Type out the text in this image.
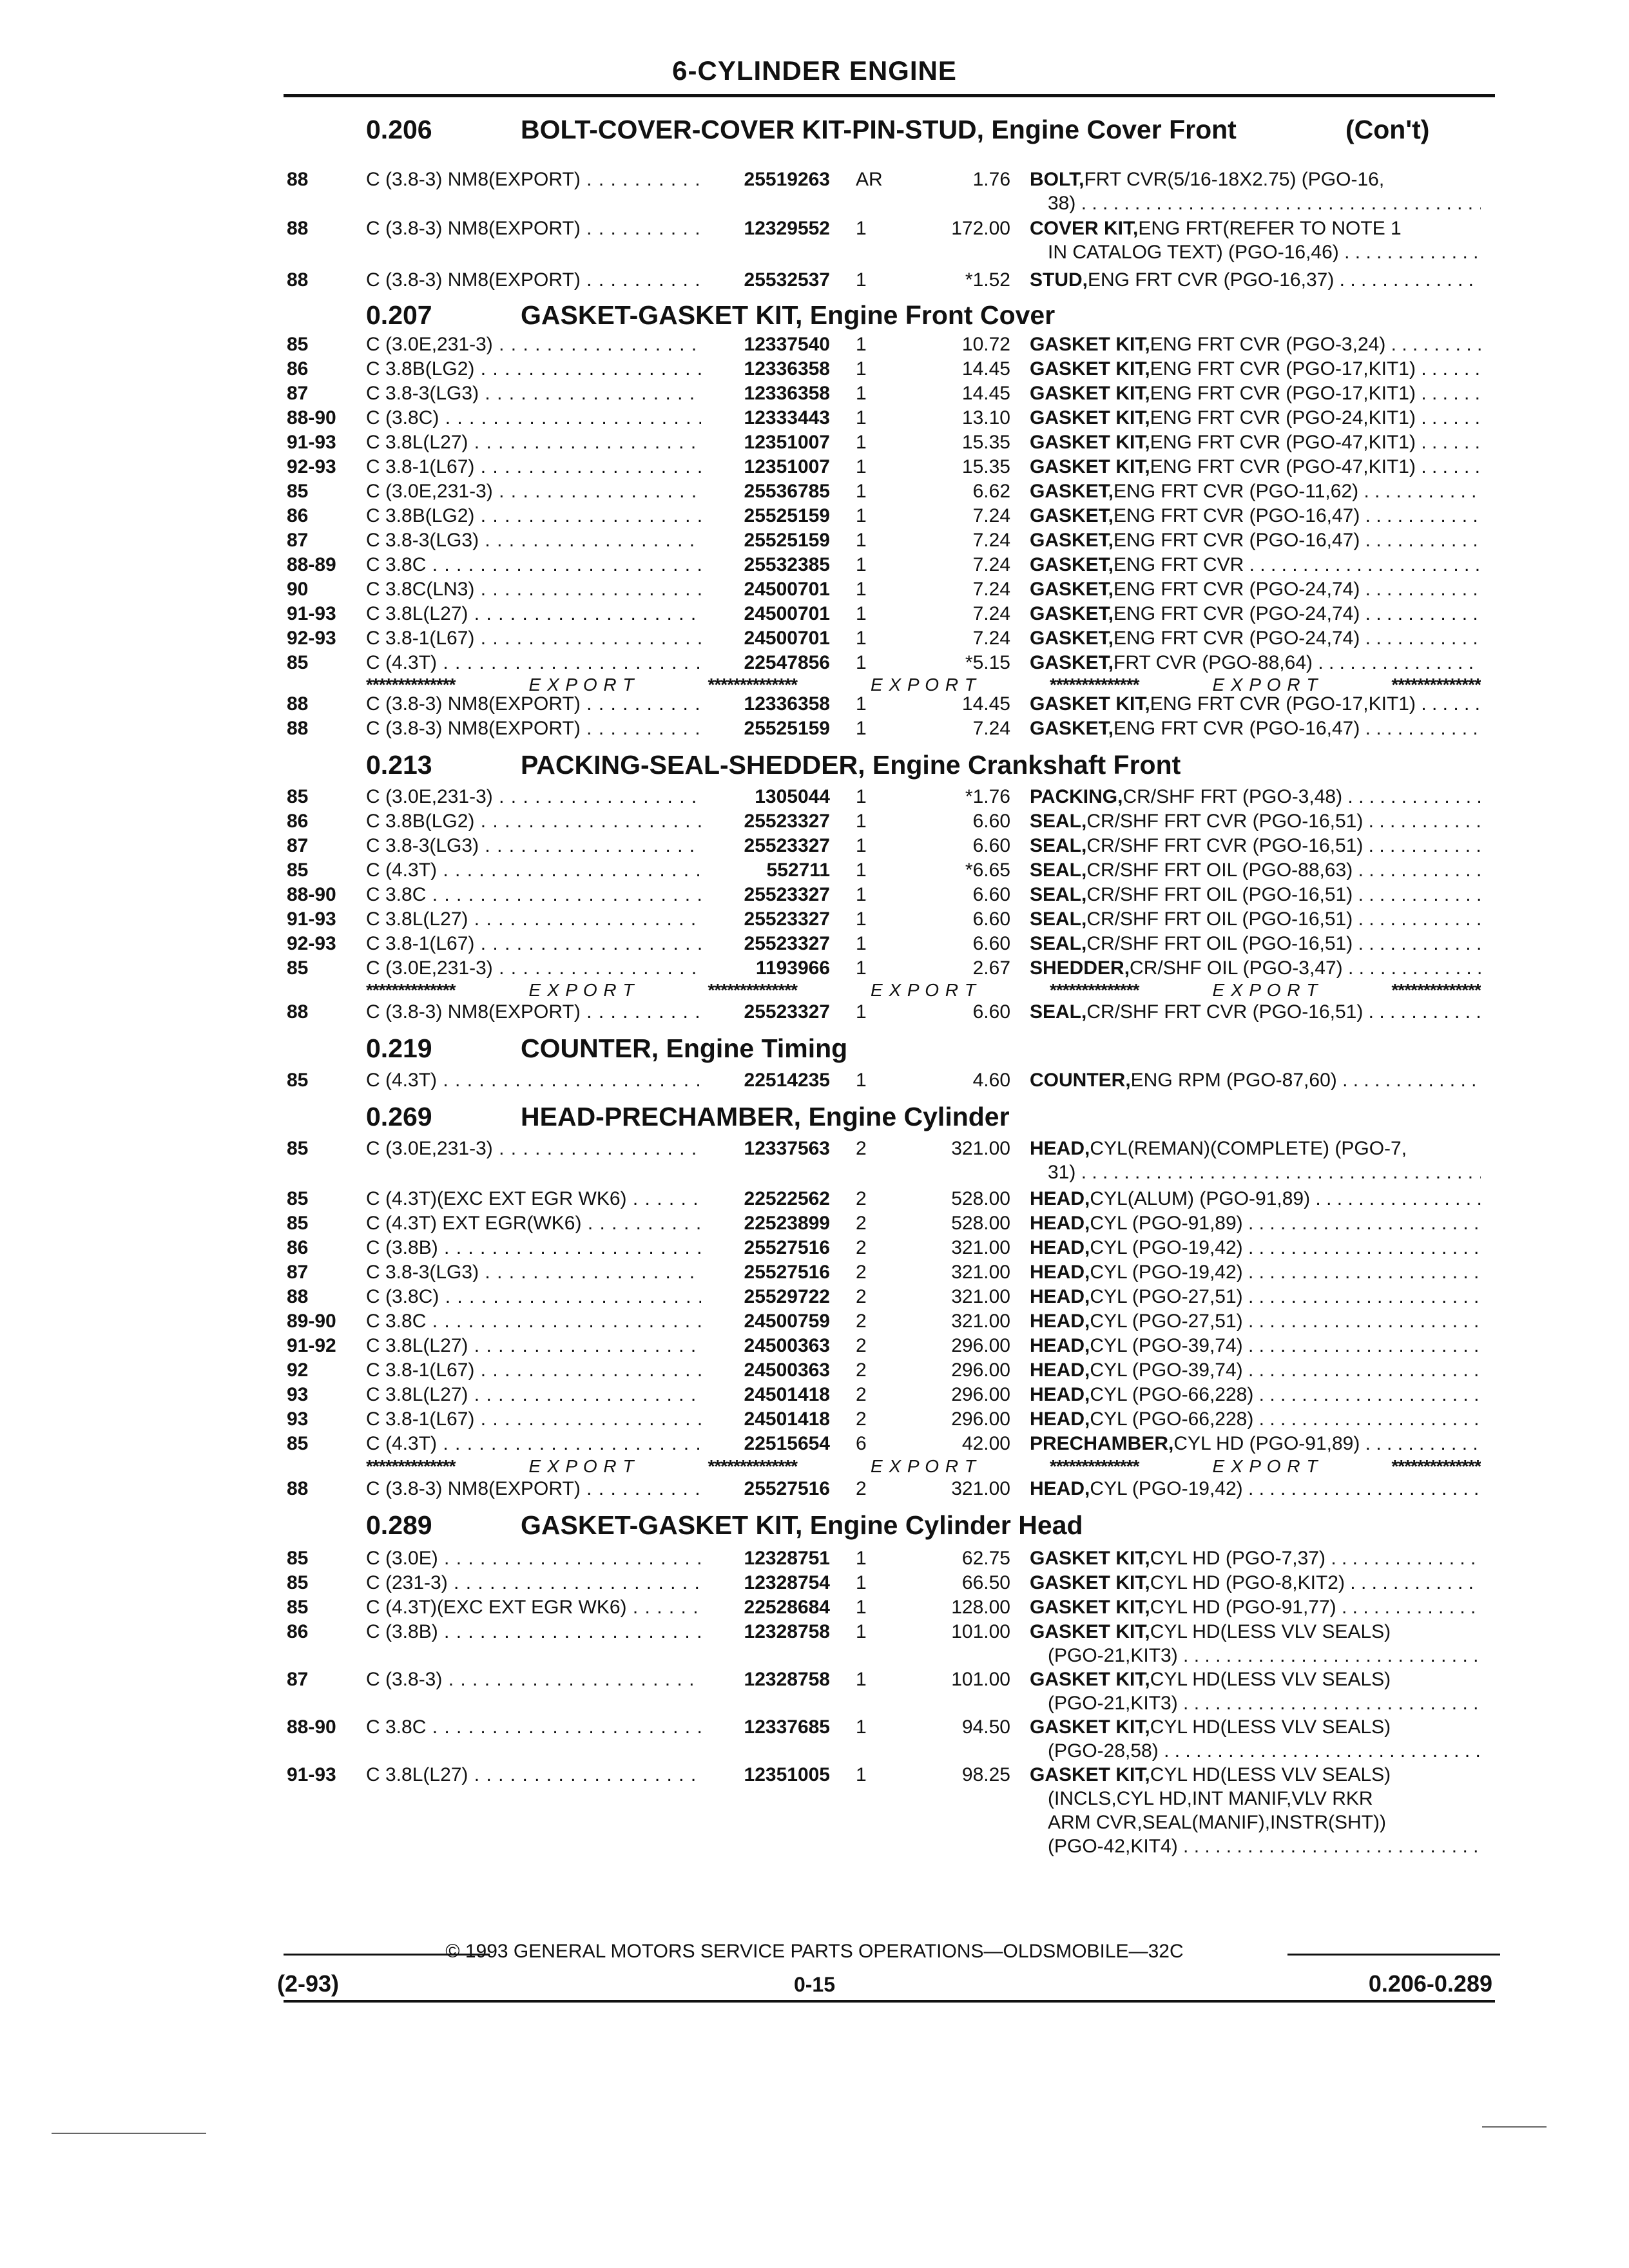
6-CYLINDER ENGINE
0.206	BOLT-COVER-COVER KIT-PIN-STUD, Engine Cover Front	(Con't)
88	C (3.8-3) NM8(EXPORT) . . .	25519263 AR	1.76 BOLT, FRT CVR(5/16-18X2.75) (PGO-16,
38) . . .
88	C (3.8-3) NM8(EXPORT) . . .	12329552 1	172.00 COVER KIT, ENG FRT(REFER TO NOTE 1
IN CATALOG TEXT) (PGO-16,46) . . .
88	C (3.8-3) NM8(EXPORT) . . .	25532537 1	*1.52 STUD, ENG FRT CVR (PGO-16,37) . . .
0.207	GASKET-GASKET KIT, Engine Front Cover
85	C (3.0E,231-3) . . .	12337540 1	10.72 GASKET KIT, ENG FRT CVR (PGO-3,24) . . .
86	C 3.8B(LG2) . . .	12336358 1	14.45 GASKET KIT, ENG FRT CVR (PGO-17,KIT1) . . .
87	C 3.8-3(LG3) . . .	12336358 1	14.45 GASKET KIT, ENG FRT CVR (PGO-17,KIT1) . . .
88-90 C (3.8C) . . .	12333443 1	13.10 GASKET KIT, ENG FRT CVR (PGO-24,KIT1) . . .
91-93 C 3.8L(L27) . . .	12351007 1	15.35 GASKET KIT, ENG FRT CVR (PGO-47,KIT1) . . .
92-93 C 3.8-1(L67) . . .	12351007 1	15.35 GASKET KIT, ENG FRT CVR (PGO-47,KIT1) . . .
85	C (3.0E,231-3) . . .	25536785 1	6.62 GASKET, ENG FRT CVR (PGO-11,62) . . .
86	C 3.8B(LG2) . . .	25525159 1	7.24 GASKET, ENG FRT CVR (PGO-16,47) . . .
87	C 3.8-3(LG3) . . .	25525159 1	7.24 GASKET, ENG FRT CVR (PGO-16,47) . . .
88-89 C 3.8C . . .	25532385 1	7.24 GASKET, ENG FRT CVR . . .
90	C 3.8C(LN3) . . .	24500701 1	7.24 GASKET, ENG FRT CVR (PGO-24,74) . . .
91-93 C 3.8L(L27) . . .	24500701 1	7.24 GASKET, ENG FRT CVR (PGO-24,74) . . .
92-93 C 3.8-1(L67) . . .	24500701 1	7.24 GASKET, ENG FRT CVR (PGO-24,74) . . .
85	C (4.3T) . . .	22547856 1	*5.15 GASKET, FRT CVR (PGO-88,64) . . .
**************	E X P O R T	**************	E X P O R T	**************	E X P O R T	**************
88	C (3.8-3) NM8(EXPORT) . . .	12336358 1	14.45 GASKET KIT, ENG FRT CVR (PGO-17,KIT1) . . .
88	C (3.8-3) NM8(EXPORT) . . .	25525159 1	7.24 GASKET, ENG FRT CVR (PGO-16,47) . . .
0.213	PACKING-SEAL-SHEDDER, Engine Crankshaft Front
85	C (3.0E,231-3) . . .	1305044 1	*1.76 PACKING, CR/SHF FRT (PGO-3,48) . . .
86	C 3.8B(LG2) . . .	25523327 1	6.60 SEAL, CR/SHF FRT CVR (PGO-16,51) . . .
87	C 3.8-3(LG3) . . .	25523327 1	6.60 SEAL, CR/SHF FRT CVR (PGO-16,51) . . .
85	C (4.3T) . . .	552711 1	*6.65 SEAL, CR/SHF FRT OIL (PGO-88,63) . . .
88-90 C 3.8C . . .	25523327 1	6.60 SEAL, CR/SHF FRT OIL (PGO-16,51) . . .
91-93 C 3.8L(L27) . . .	25523327 1	6.60 SEAL, CR/SHF FRT OIL (PGO-16,51) . . .
92-93 C 3.8-1(L67) . . .	25523327 1	6.60 SEAL, CR/SHF FRT OIL (PGO-16,51) . . .
85	C (3.0E,231-3) . . .	1193966 1	2.67 SHEDDER, CR/SHF OIL (PGO-3,47) . . .
**************	E X P O R T	**************	E X P O R T	**************	E X P O R T	**************
88	C (3.8-3) NM8(EXPORT) . . .	25523327 1	6.60 SEAL, CR/SHF FRT CVR (PGO-16,51) . . .
0.219	COUNTER, Engine Timing
85	C (4.3T) . . .	22514235 1	4.60 COUNTER, ENG RPM (PGO-87,60) . . .
0.269	HEAD-PRECHAMBER, Engine Cylinder
85	C (3.0E,231-3) . . .	12337563 2	321.00 HEAD, CYL(REMAN)(COMPLETE) (PGO-7,
31) . . .
85	C (4.3T)(EXC EXT EGR WK6) . . .	22522562 2	528.00 HEAD, CYL(ALUM) (PGO-91,89) . . .
85	C (4.3T) EXT EGR(WK6) . . .	22523899 2	528.00 HEAD, CYL (PGO-91,89) . . .
86	C (3.8B) . . .	25527516 2	321.00 HEAD, CYL (PGO-19,42) . . .
87	C 3.8-3(LG3) . . .	25527516 2	321.00 HEAD, CYL (PGO-19,42) . . .
88	C (3.8C) . . .	25529722 2	321.00 HEAD, CYL (PGO-27,51) . . .
89-90 C 3.8C . . .	24500759 2	321.00 HEAD, CYL (PGO-27,51) . . .
91-92 C 3.8L(L27) . . .	24500363 2	296.00 HEAD, CYL (PGO-39,74) . . .
92	C 3.8-1(L67) . . .	24500363 2	296.00 HEAD, CYL (PGO-39,74) . . .
93	C 3.8L(L27) . . .	24501418 2	296.00 HEAD, CYL (PGO-66,228) . . .
93	C 3.8-1(L67) . . .	24501418 2	296.00 HEAD, CYL (PGO-66,228) . . .
85	C (4.3T) . . .	22515654 6	42.00 PRECHAMBER, CYL HD (PGO-91,89) . . .
**************	E X P O R T	**************	E X P O R T	**************	E X P O R T	**************
88	C (3.8-3) NM8(EXPORT) . . .	25527516 2	321.00 HEAD, CYL (PGO-19,42) . . .
0.289	GASKET-GASKET KIT, Engine Cylinder Head
85	C (3.0E) . . .	12328751 1	62.75 GASKET KIT, CYL HD (PGO-7,37) . . .
85	C (231-3) . . .	12328754 1	66.50 GASKET KIT, CYL HD (PGO-8,KIT2) . . .
85	C (4.3T)(EXC EXT EGR WK6) . . .	22528684 1	128.00 GASKET KIT, CYL HD (PGO-91,77) . . .
86	C (3.8B) . . .	12328758 1	101.00 GASKET KIT, CYL HD(LESS VLV SEALS)
(PGO-21,KIT3) . . .
87	C (3.8-3) . . .	12328758 1	101.00 GASKET KIT, CYL HD(LESS VLV SEALS)
(PGO-21,KIT3) . . .
88-90 C 3.8C . . .	12337685 1	94.50 GASKET KIT, CYL HD(LESS VLV SEALS)
(PGO-28,58) . . .
91-93 C 3.8L(L27) . . .	12351005 1	98.25 GASKET KIT, CYL HD(LESS VLV SEALS)
(INCLS,CYL HD,INT MANIF,VLV RKR
ARM CVR,SEAL(MANIF),INSTR(SHT))
(PGO-42,KIT4) . . .
© 1993 GENERAL MOTORS SERVICE PARTS OPERATIONS—OLDSMOBILE—32C
(2-93)	0-15	0.206-0.289
